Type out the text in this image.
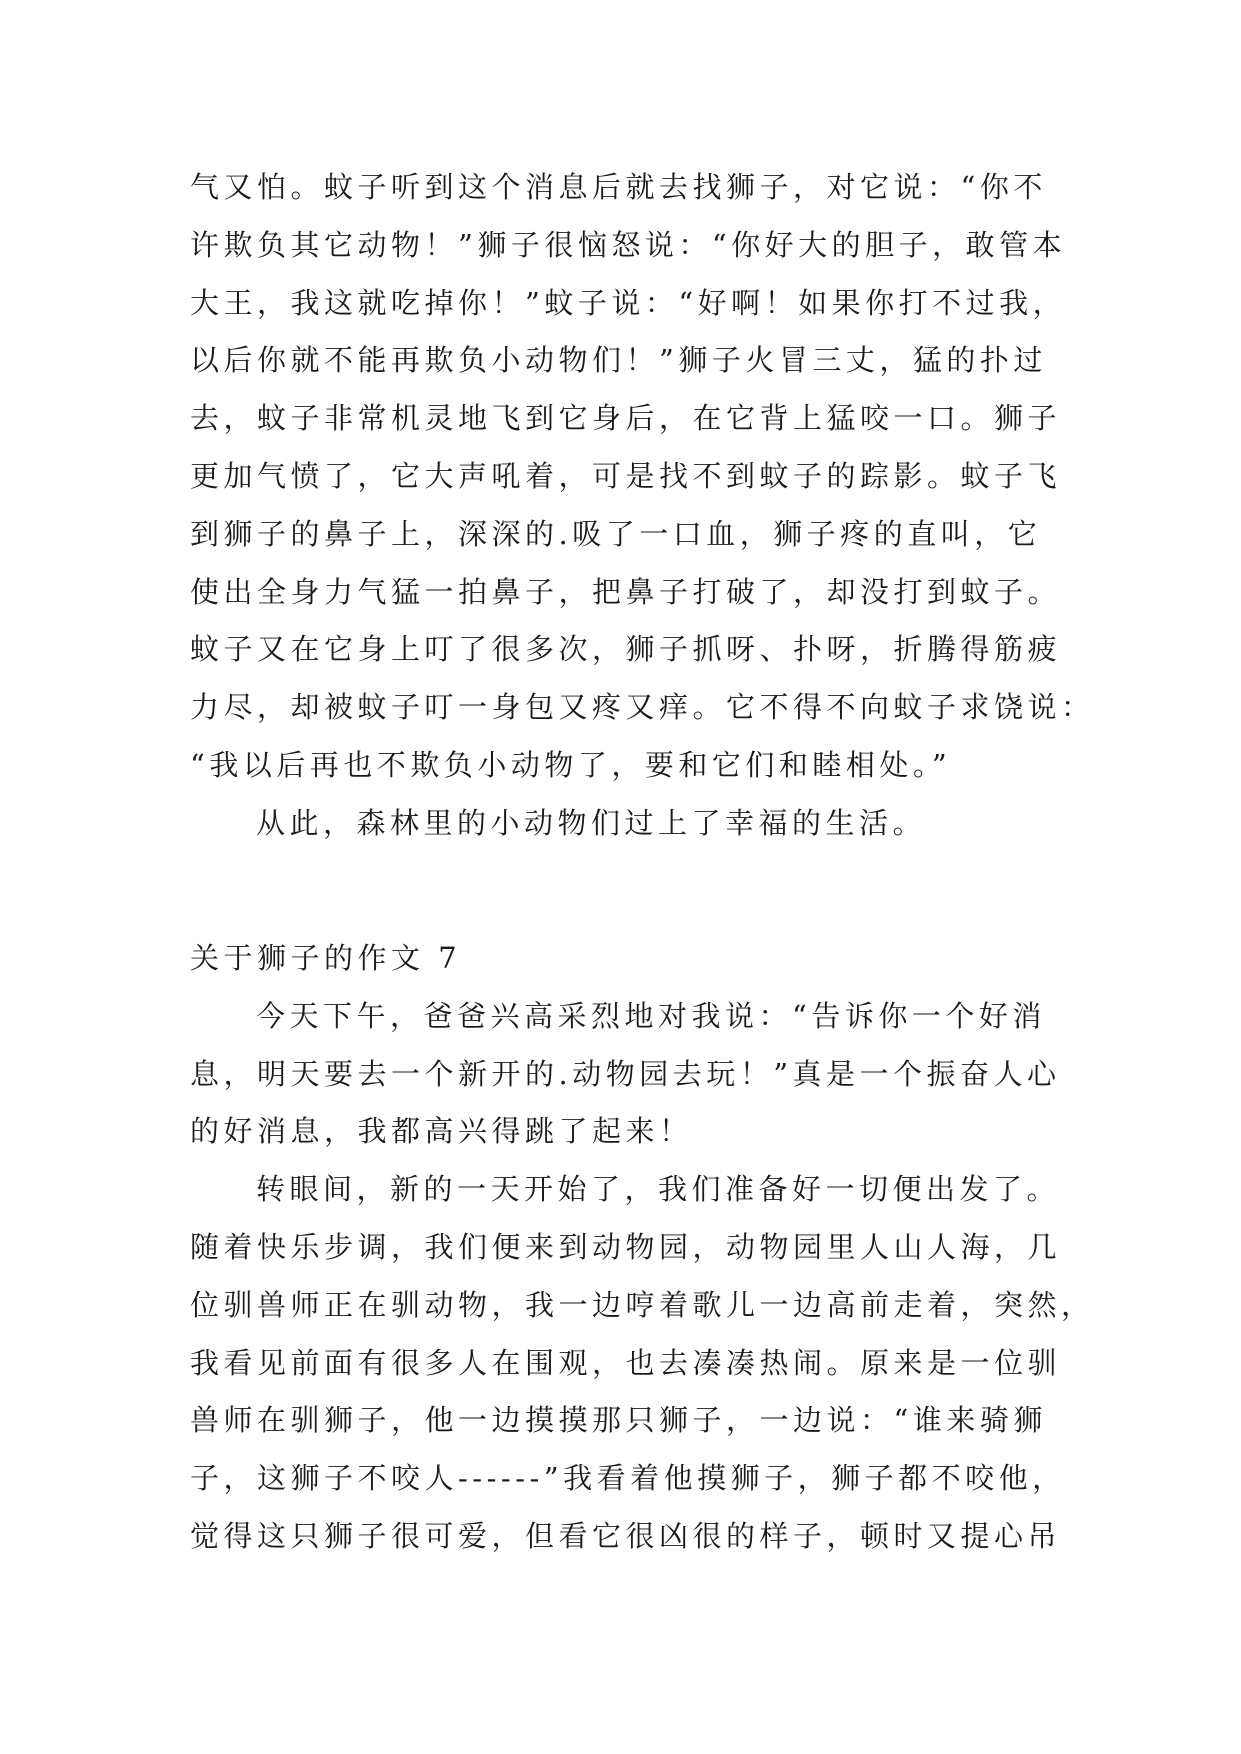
气又怕。蚊子听到这个消息后就去找狮子，对它说：“你不
许欺负其它动物！”狮子很恼怒说：“你好大的胆子，敢管本
大王，我这就吃掉你！”蚊子说：“好啊！如果你打不过我，
以后你就不能再欺负小动物们！”狮子火冒三丈，猛的扑过
去，蚊子非常机灵地飞到它身后，在它背上猛咬一口。狮子
更加气愤了，它大声吼着，可是找不到蚊子的踪影。蚊子飞
到狮子的鼻子上，深深的.吸了一口血，狮子疼的直叫，它
使出全身力气猛一拍鼻子，把鼻子打破了，却没打到蚊子。
蚊子又在它身上叮了很多次，狮子抓呀、扑呀，折腾得筋疲
力尽，却被蚊子叮一身包又疼又痒。它不得不向蚊子求饶说：
“我以后再也不欺负小动物了，要和它们和睦相处。”
从此，森林里的小动物们过上了幸福的生活。
关于狮子的作文 7
今天下午，爸爸兴高采烈地对我说：“告诉你一个好消
息，明天要去一个新开的.动物园去玩！”真是一个振奋人心
的好消息，我都高兴得跳了起来！
转眼间，新的一天开始了，我们准备好一切便出发了。
随着快乐步调，我们便来到动物园，动物园里人山人海，几
位驯兽师正在驯动物，我一边哼着歌儿一边高前走着，突然，
我看见前面有很多人在围观，也去凑凑热闹。原来是一位驯
兽师在驯狮子，他一边摸摸那只狮子，一边说：“谁来骑狮
子，这狮子不咬人------”我看着他摸狮子，狮子都不咬他，
觉得这只狮子很可爱，但看它很凶很的样子，顿时又提心吊
